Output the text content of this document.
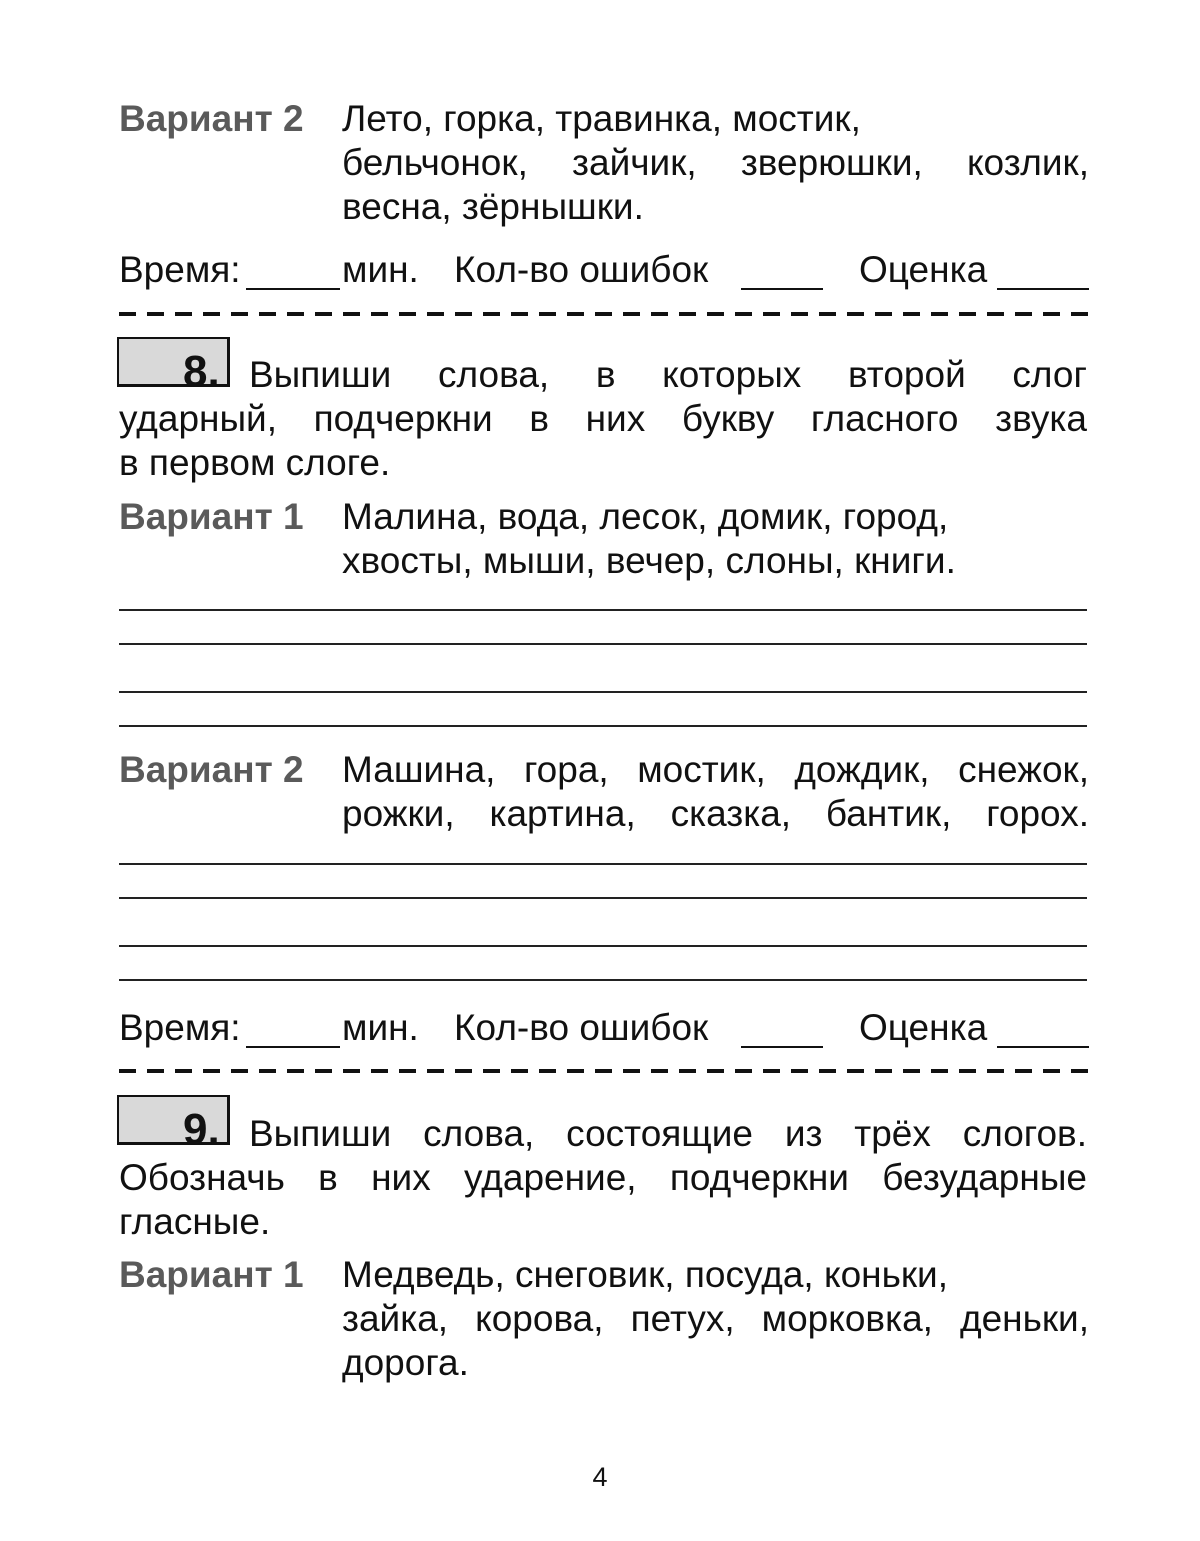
Вариант 2	Лето, горка, травинка, мостик,
бельчонок, зайчик, зверюшки, козлик,
весна, зёрнышки.
Время:	мин. Кол-во ошибок	Оценка
8. Выпиши слова, в которых второй слог
ударный, подчеркни в них букву гласного звука
в первом слоге.
Вариант 1	Малина, вода, лесок, домик, город,
хвосты, мыши, вечер, слоны, книги.
Вариант 2	Машина, гора, мостик, дождик, снежок,
рожки, картина, сказка, бантик, горох.
Время:	мин. Кол-во ошибок	Оценка
9. Выпиши слова, состоящие из трёх слогов.
Обозначь в них ударение, подчеркни безударные
гласные.
Вариант 1	Медведь, снеговик, посуда, коньки,
зайка, корова, петух, морковка, деньки,
дорога.
4
